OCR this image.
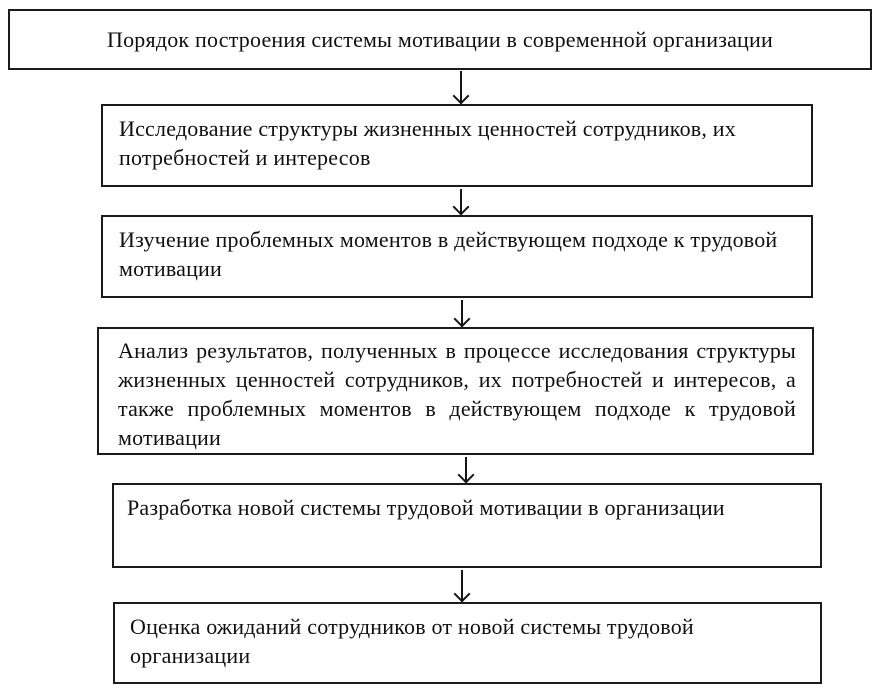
Порядок построения системы мотивации в современной организации
Исследование структуры жизненных ценностей сотрудников, их потребностей и интересов
Изучение проблемных моментов в действующем подходе к трудовой мотивации
Анализ результатов, полученных в процессе исследования структуры жизненных ценностей сотрудников, их потребностей и интересов, а также проблемных моментов в действующем подходе к трудовой мотивации
Разработка новой системы трудовой мотивации в организации
Оценка ожиданий сотрудников от новой системы трудовой организации
